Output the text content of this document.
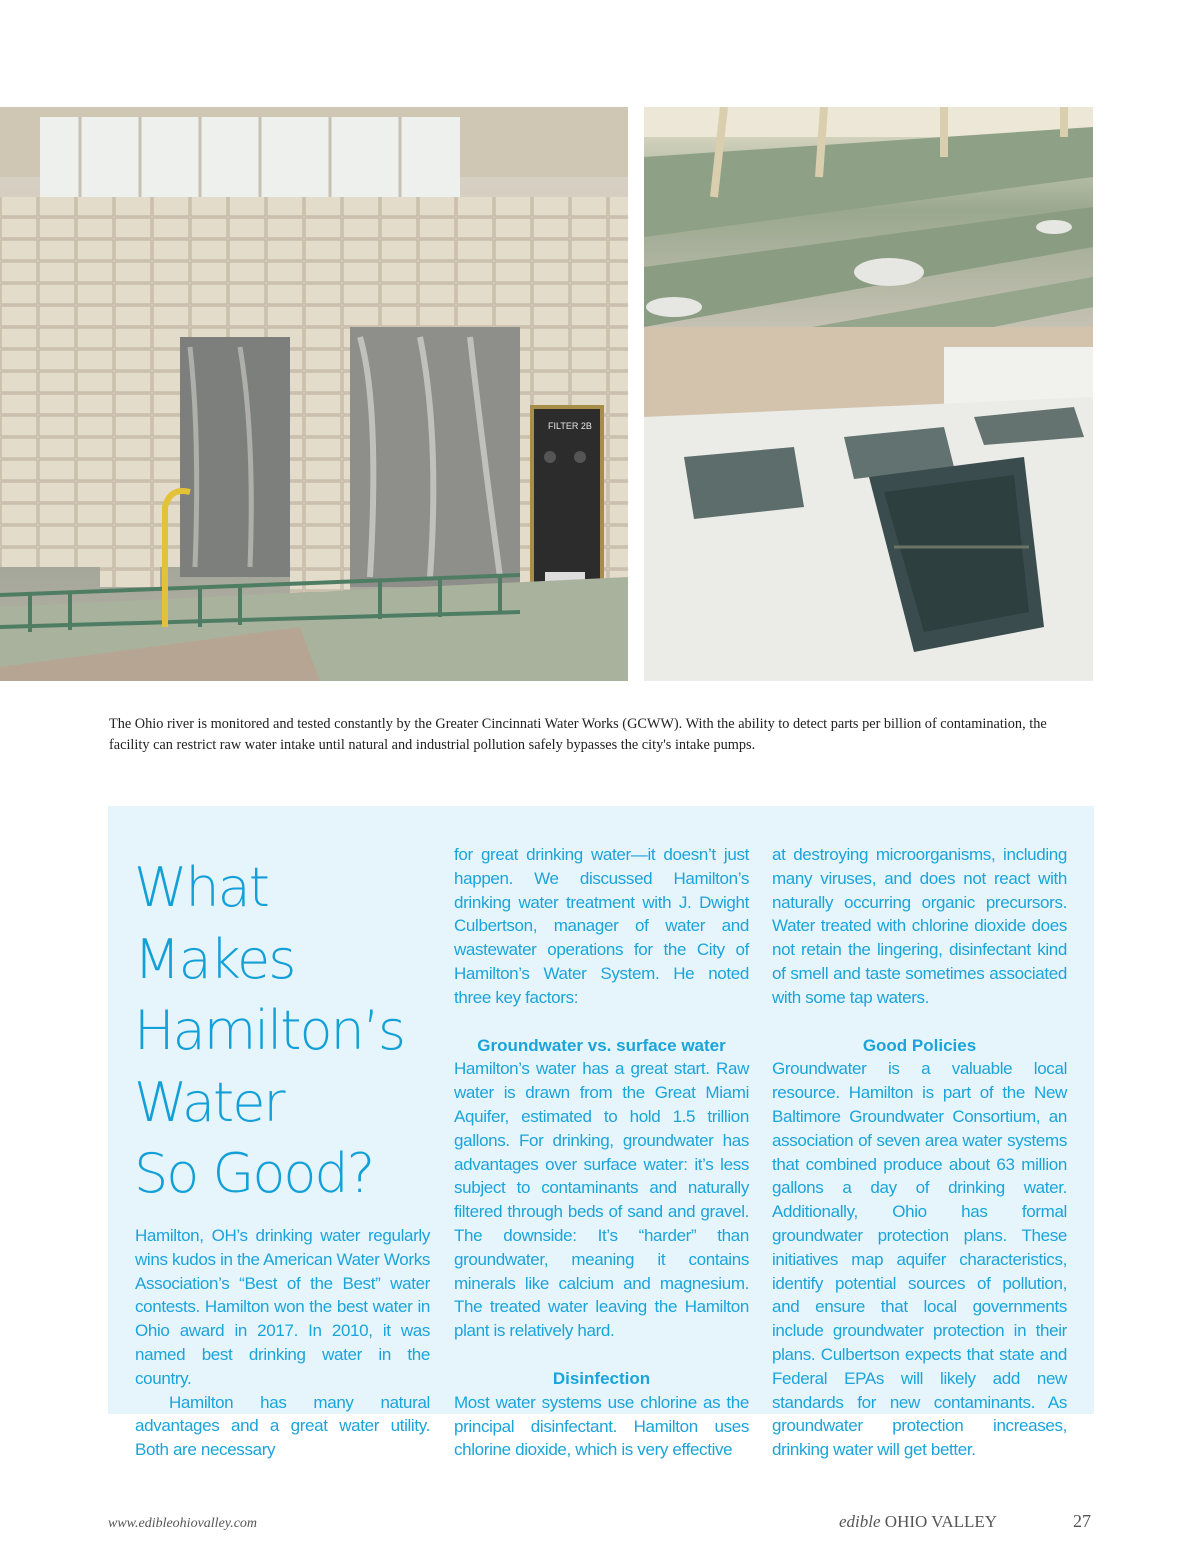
FILTER 2B

The Ohio river is monitored and tested constantly by the Greater Cincinnati Water Works (GCWW). With the ability to detect parts per billion of contamination, the facility can restrict raw water intake until natural and industrial pollution safely bypasses the city's intake pumps.

What
Makes
Hamilton’s
Water
So Good?

Hamilton, OH’s drinking water regularly wins kudos in the American Water Works Association’s “Best of the Best” water contests. Hamilton won the best water in Ohio award in 2017. In 2010, it was named best drinking water in the country.

Hamilton has many natural advantages and a great water utility. Both are necessary

for great drinking water—it doesn’t just happen. We discussed Hamilton’s drinking water treatment with J. Dwight Culbertson, manager of water and wastewater operations for the City of Hamilton’s Water System. He noted three key factors:

Groundwater vs. surface water

Hamilton’s water has a great start. Raw water is drawn from the Great Miami Aquifer, estimated to hold 1.5 trillion gallons. For drinking, groundwater has advantages over surface water: it’s less subject to contaminants and naturally filtered through beds of sand and gravel. The downside: It’s “harder” than groundwater, meaning it contains minerals like calcium and magnesium. The treated water leaving the Hamilton plant is relatively hard.

Disinfection

Most water systems use chlorine as the principal disinfectant. Hamilton uses chlorine dioxide, which is very effective

at destroying microorganisms, including many viruses, and does not react with naturally occurring organic precursors. Water treated with chlorine dioxide does not retain the lingering, disinfectant kind of smell and taste sometimes associated with some tap waters.

Good Policies

Groundwater is a valuable local resource. Hamilton is part of the New Baltimore Groundwater Consortium, an association of seven area water systems that combined produce about 63 million gallons a day of drinking water. Additionally, Ohio has formal groundwater protection plans. These initiatives map aquifer characteristics, identify potential sources of pollution, and ensure that local governments include groundwater protection in their plans. Culbertson expects that state and Federal EPAs will likely add new standards for new contaminants. As groundwater protection increases, drinking water will get better.

www.edibleohiovalley.com	edible OHIO VALLEY	27
